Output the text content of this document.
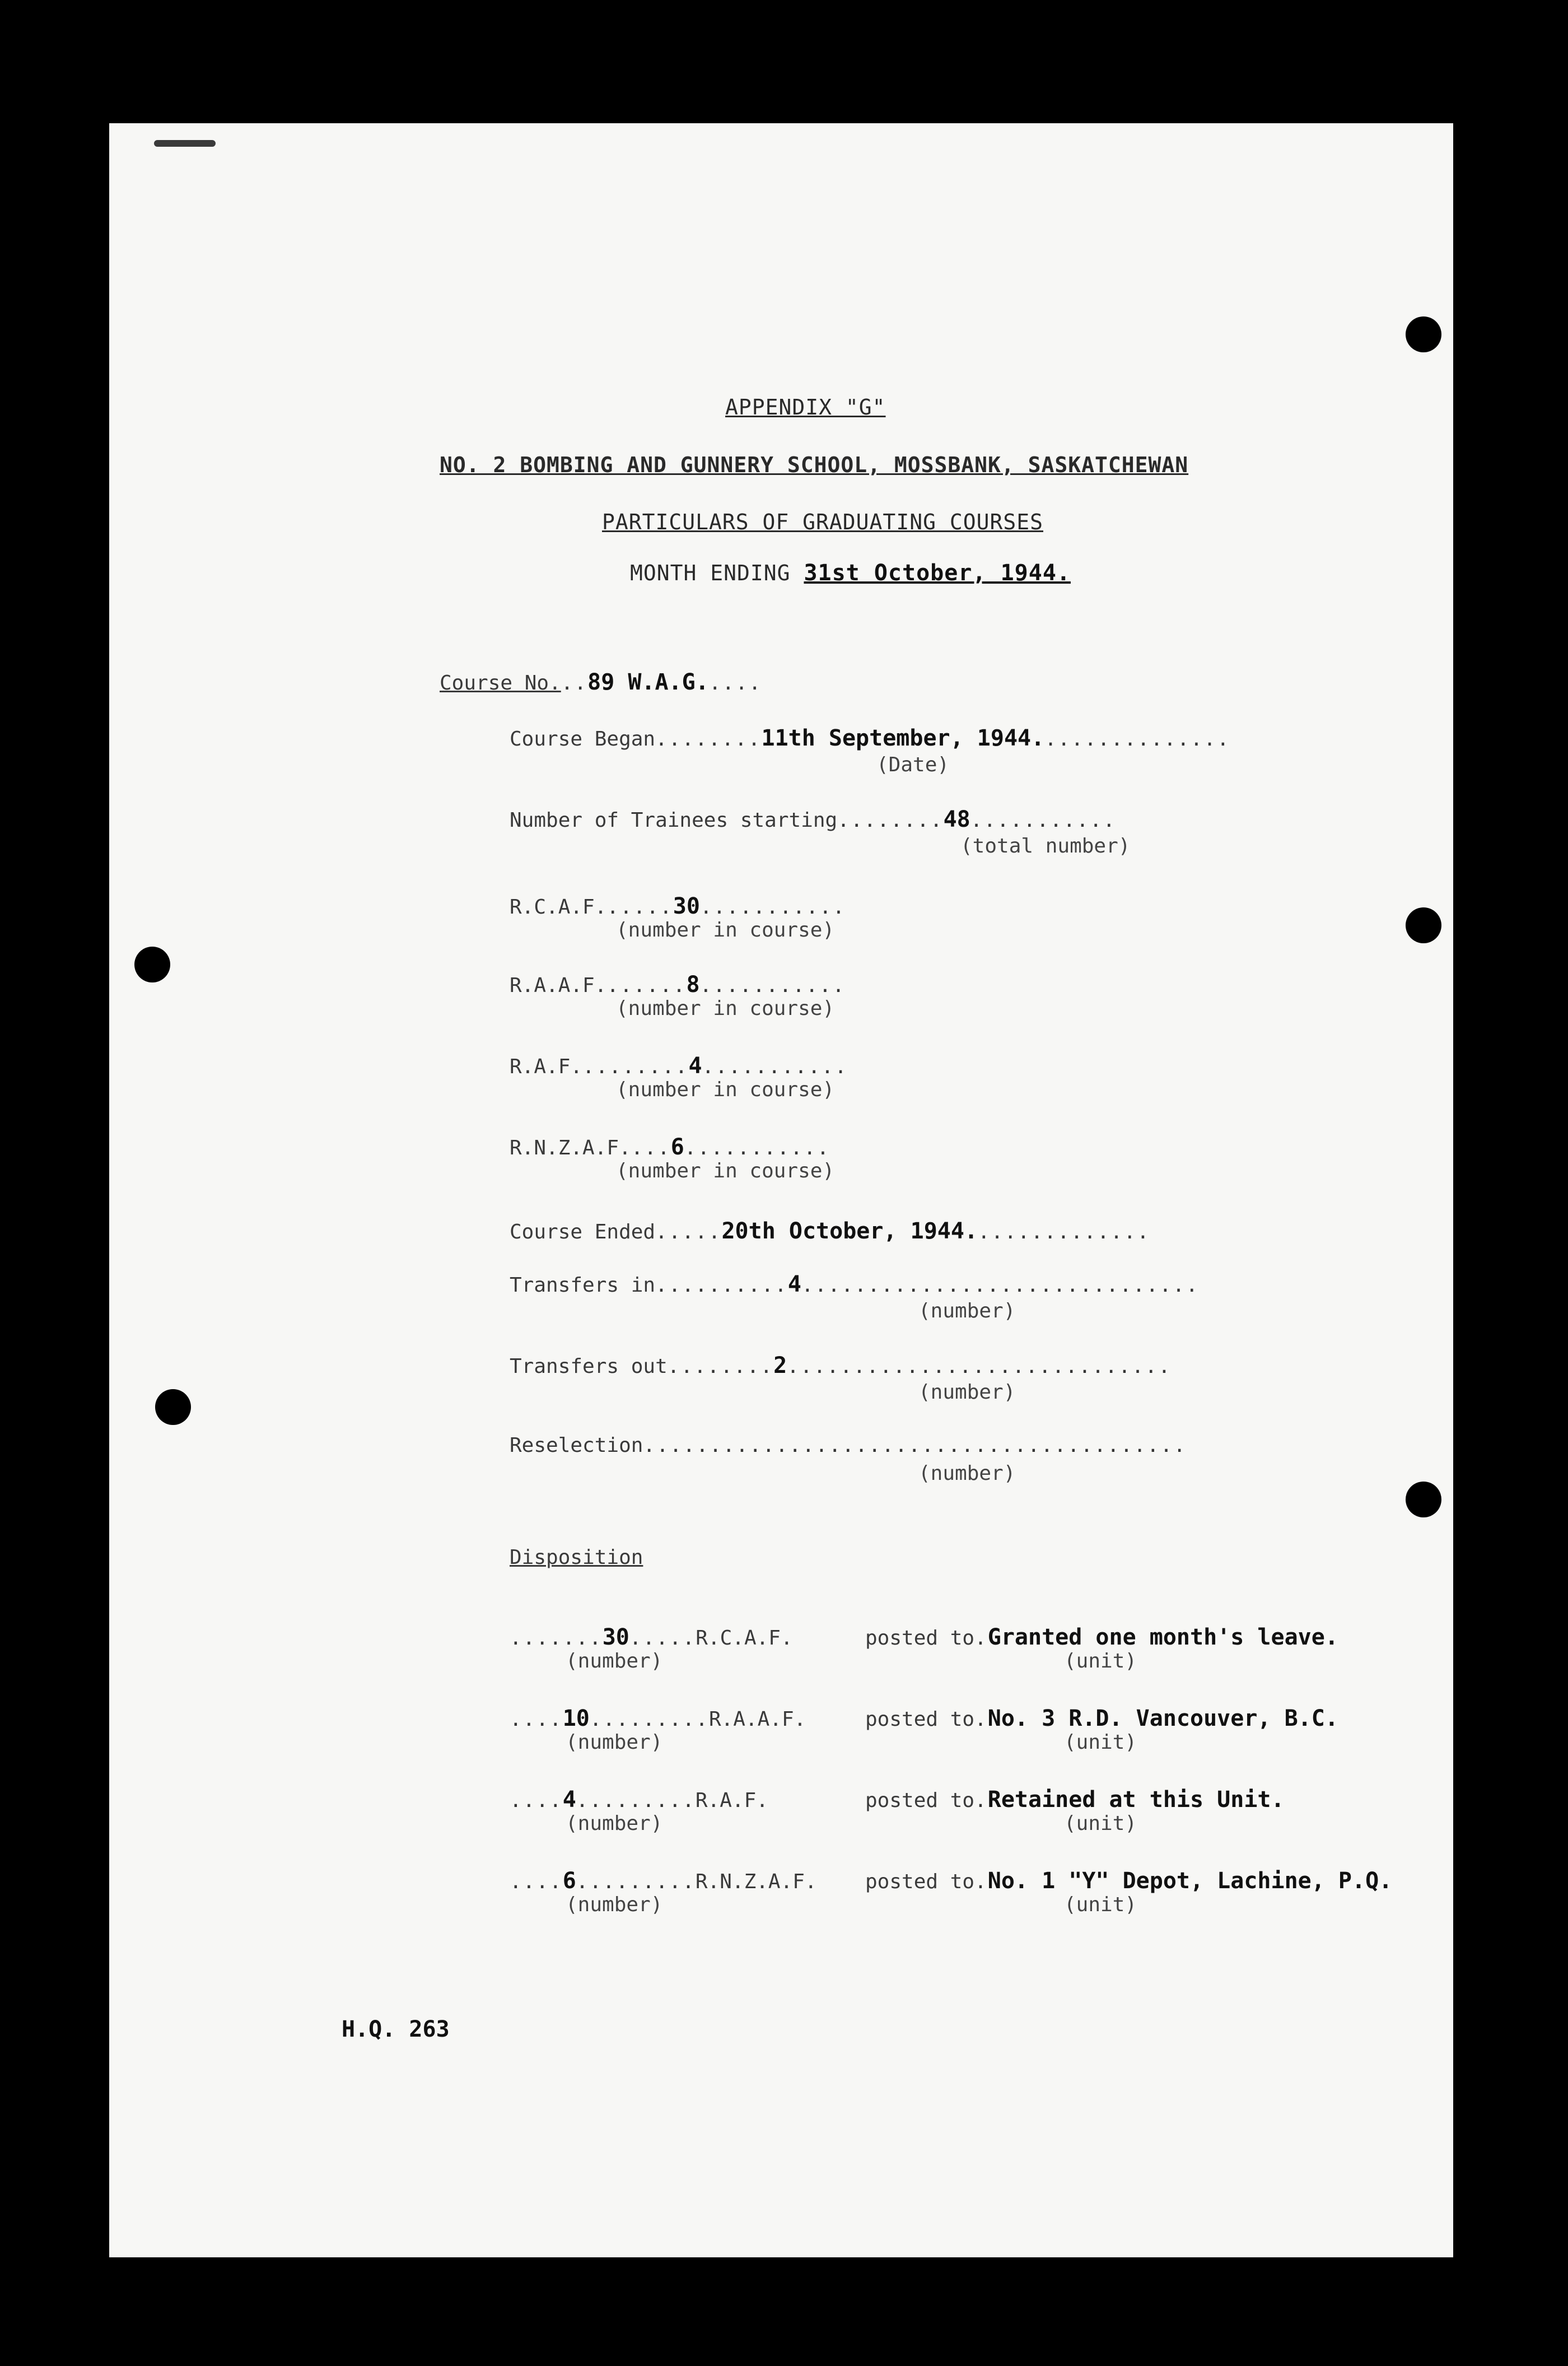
APPENDIX "G"
NO. 2 BOMBING AND GUNNERY SCHOOL, MOSSBANK, SASKATCHEWAN
PARTICULARS OF GRADUATING COURSES
MONTH ENDING 31st October, 1944.
Course No...89 W.A.G.....
Course Began........11th September, 1944...............
(Date)
Number of Trainees starting........48...........
(total number)
R.C.A.F......30...........
(number in course)
R.A.A.F.......8...........
(number in course)
R.A.F.........4...........
(number in course)
R.N.Z.A.F....6...........
(number in course)
Course Ended.....20th October, 1944..............
Transfers in..........4..............................
(number)
Transfers out........2.............................
(number)
Reselection.........................................
(number)
Disposition
.......30.....R.C.A.F.	posted to.Granted one month's leave.
(number)	(unit)
....10.........R.A.A.F.	posted to.No. 3 R.D. Vancouver, B.C.
(number)	(unit)
....4.........R.A.F.	posted to.Retained at this Unit.
(number)	(unit)
....6.........R.N.Z.A.F. posted to.No. 1 "Y" Depot, Lachine, P.Q.
(number)	(unit)
H.Q. 263
